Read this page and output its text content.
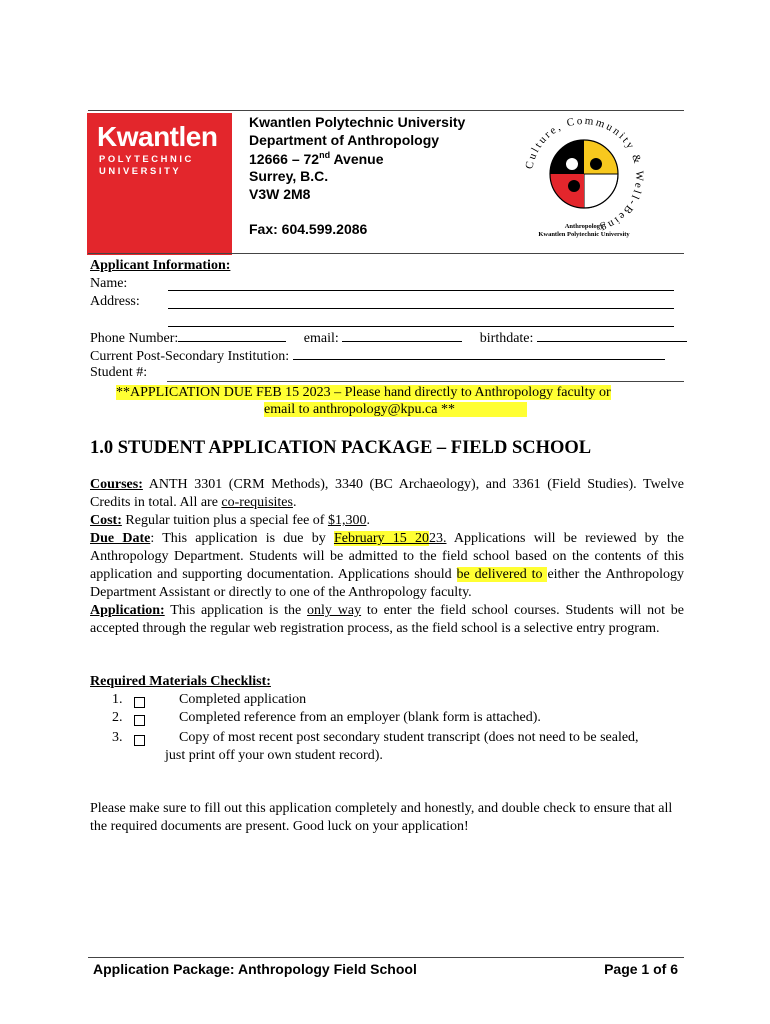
Kwantlen
POLYTECHNIC
UNIVERSITY
Kwantlen Polytechnic University
Department of Anthropology
12666 – 72nd Avenue
Surrey, B.C.
V3W 2M8
Fax: 604.599.2086
Culture, Community & Well-Being
Anthropology
Kwantlen Polytechnic University
Applicant Information:
Name:
Address:
Phone Number:	email:	birthdate:
Current Post-Secondary Institution:
Student #:
**APPLICATION DUE FEB 15 2023 – Please hand directly to Anthropology faculty or
email to anthropology@kpu.ca **
1.0 STUDENT APPLICATION PACKAGE – FIELD SCHOOL
Courses: ANTH 3301 (CRM Methods), 3340 (BC Archaeology), and 3361 (Field Studies). Twelve Credits in total. All are co-requisites.
Cost: Regular tuition plus a special fee of $1,300.
Due Date: This application is due by February 15 2023. Applications will be reviewed by the Anthropology Department. Students will be admitted to the field school based on the contents of this application and supporting documentation. Applications should be delivered to either the Anthropology Department Assistant or directly to one of the Anthropology faculty.
Application: This application is the only way to enter the field school courses. Students will not be accepted through the regular web registration process, as the field school is a selective entry program.
Required Materials Checklist:
1.	Completed application
2.	Completed reference from an employer (blank form is attached).
3.	Copy of most recent post secondary student transcript (does not need to be sealed,
just print off your own student record).
Please make sure to fill out this application completely and honestly, and double check to ensure that all the required documents are present. Good luck on your application!
Application Package: Anthropology Field School	Page 1 of 6
